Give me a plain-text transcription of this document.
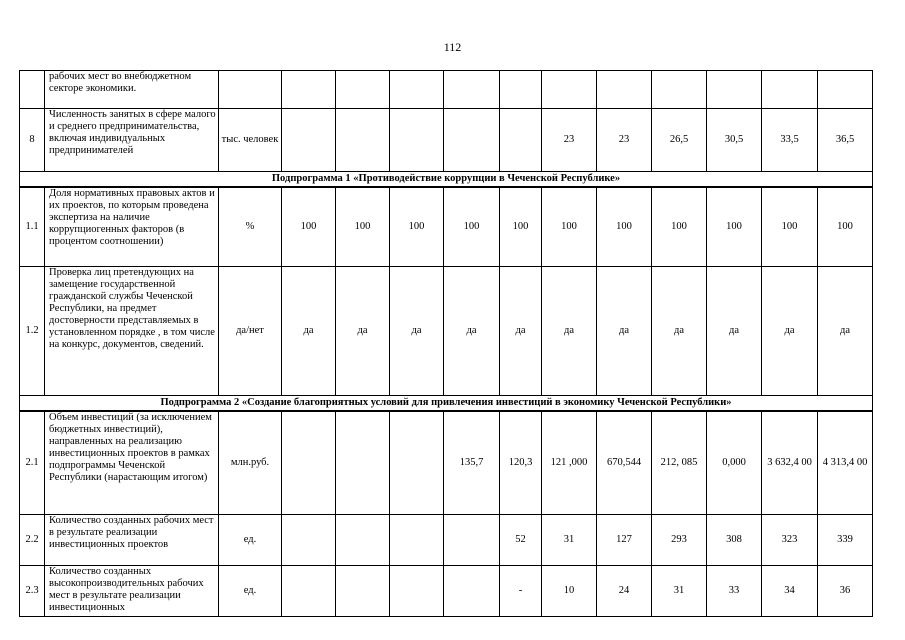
112
	рабочих мест во внебюджетном секторе экономики.												
8	Численность занятых в сфере малого и среднего предпринимательства, включая индивидуальных предпринимателей	тыс. человек						23	23	26,5	30,5	33,5	36,5
Подпрограмма 1 «Противодействие коррупции в Чеченской Республике»													
1.1	Доля нормативных правовых актов и их проектов, по которым проведена экспертиза на наличие коррупциогенных факторов (в процентом соотношении)	%	100	100	100	100	100	100	100	100	100	100	100
1.2	Проверка лиц претендующих на замещение государственной гражданской службы Чеченской Республики, на предмет достоверности представляемых в установленном порядке , в том числе на конкурс, документов, сведений.	да/нет	да	да	да	да	да	да	да	да	да	да	да
Подпрограмма 2 «Создание благоприятных условий для привлечения инвестиций в экономику Чеченской Республики»													
2.1	Объем инвестиций (за исключением бюджетных инвестиций), направленных на реализацию инвестиционных проектов в рамках подпрограммы Чеченской Республики (нарастающим итогом)	млн.руб.				135,7	120,3	121 ,000	670,544	212, 085	0,000	3 632,4 00	4 313,4 00
2.2	Количество созданных рабочих мест в результате реализации инвестиционных проектов	ед.					52	31	127	293	308	323	339
2.3	Количество созданных высокопроизводительных рабочих мест в результате реализации инвестиционных	ед.					-	10	24	31	33	34	36
